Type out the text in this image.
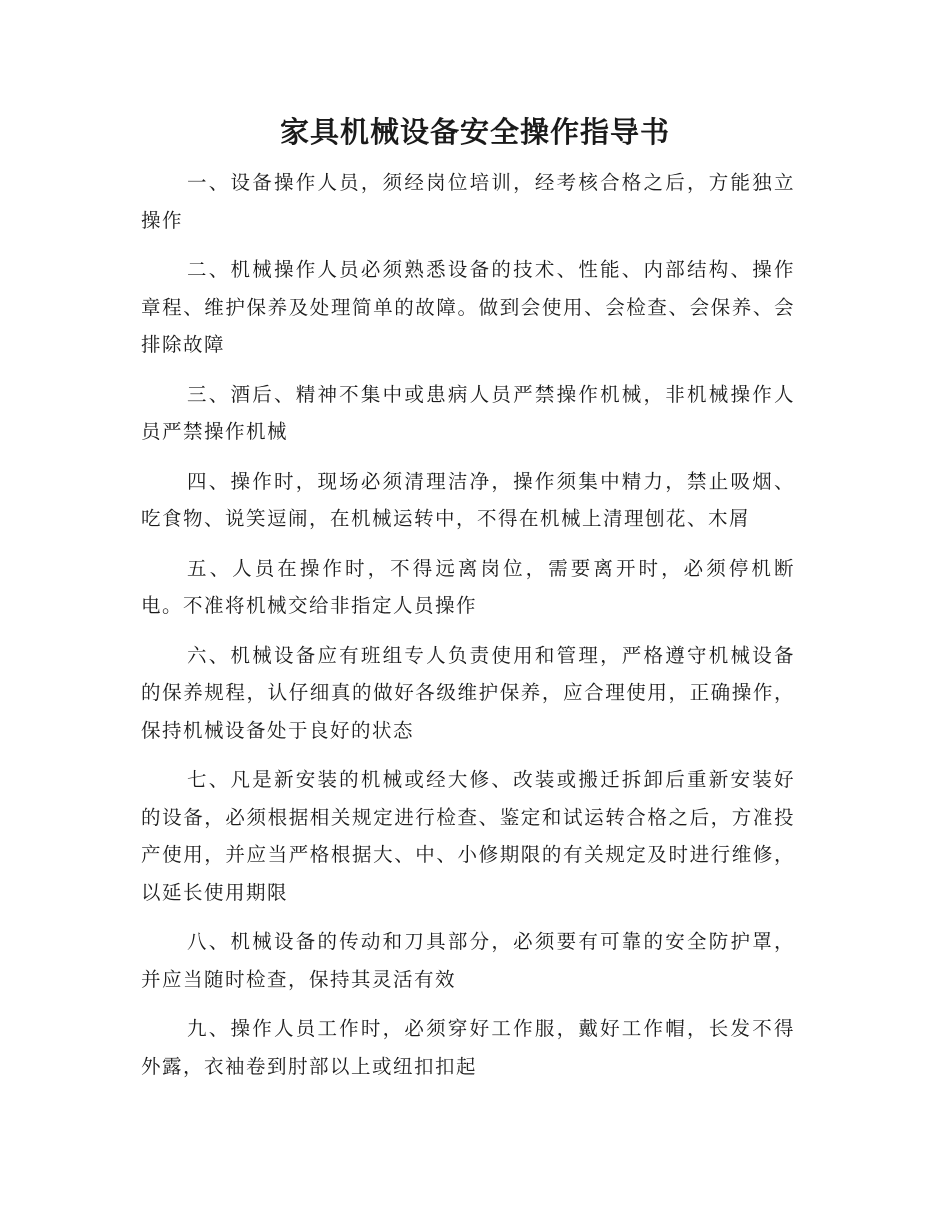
家具机械设备安全操作指导书

一、设备操作人员，须经岗位培训，经考核合格之后，方能独立操作

二、机械操作人员必须熟悉设备的技术、性能、内部结构、操作章程、维护保养及处理简单的故障。做到会使用、会检查、会保养、会排除故障

三、酒后、精神不集中或患病人员严禁操作机械，非机械操作人员严禁操作机械

四、操作时，现场必须清理洁净，操作须集中精力，禁止吸烟、吃食物、说笑逗闹，在机械运转中，不得在机械上清理刨花、木屑

五、人员在操作时，不得远离岗位，需要离开时，必须停机断电。不准将机械交给非指定人员操作

六、机械设备应有班组专人负责使用和管理，严格遵守机械设备的保养规程，认仔细真的做好各级维护保养，应合理使用，正确操作，保持机械设备处于良好的状态

七、凡是新安装的机械或经大修、改装或搬迁拆卸后重新安装好的设备，必须根据相关规定进行检查、鉴定和试运转合格之后，方准投产使用，并应当严格根据大、中、小修期限的有关规定及时进行维修，以延长使用期限

八、机械设备的传动和刀具部分，必须要有可靠的安全防护罩，并应当随时检查，保持其灵活有效

九、操作人员工作时，必须穿好工作服，戴好工作帽，长发不得外露，衣袖卷到肘部以上或纽扣扣起
